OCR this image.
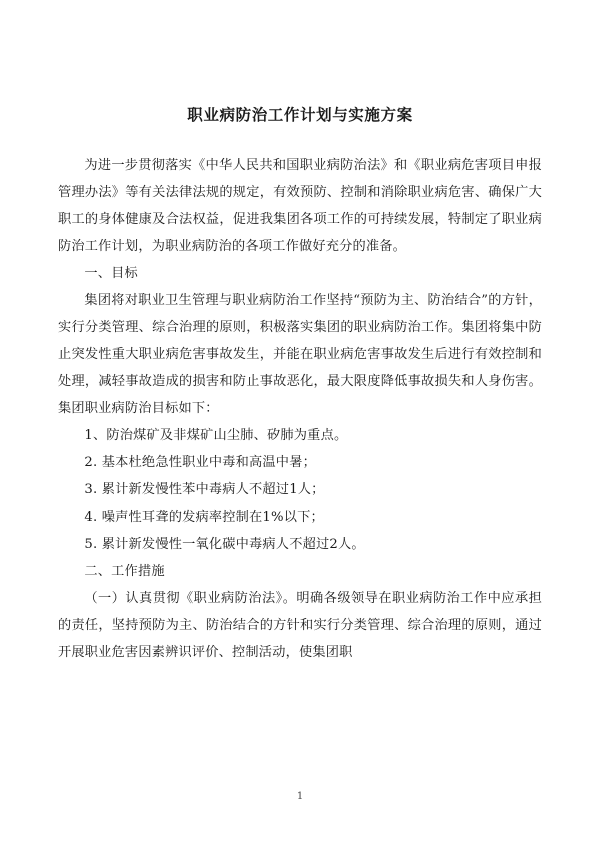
职业病防治工作计划与实施方案

为进一步贯彻落实《中华人民共和国职业病防治法》和《职业病危害项目申报管理办法》等有关法律法规的规定，有效预防、控制和消除职业病危害、确保广大职工的身体健康及合法权益，促进我集团各项工作的可持续发展，特制定了职业病防治工作计划，为职业病防治的各项工作做好充分的准备。

一、目标

集团将对职业卫生管理与职业病防治工作坚持“预防为主、防治结合”的方针，实行分类管理、综合治理的原则，积极落实集团的职业病防治工作。集团将集中防止突发性重大职业病危害事故发生，并能在职业病危害事故发生后进行有效控制和处理，减轻事故造成的损害和防止事故恶化，最大限度降低事故损失和人身伤害。集团职业病防治目标如下：

1、防治煤矿及非煤矿山尘肺、矽肺为重点。

2. 基本杜绝急性职业中毒和高温中暑；

3. 累计新发慢性苯中毒病人不超过1人；

4. 噪声性耳聋的发病率控制在1%以下；

5. 累计新发慢性一氧化碳中毒病人不超过2人。

二、工作措施

（一）认真贯彻《职业病防治法》。明确各级领导在职业病防治工作中应承担的责任，坚持预防为主、防治结合的方针和实行分类管理、综合治理的原则，通过开展职业危害因素辨识评价、控制活动，使集团职

1
